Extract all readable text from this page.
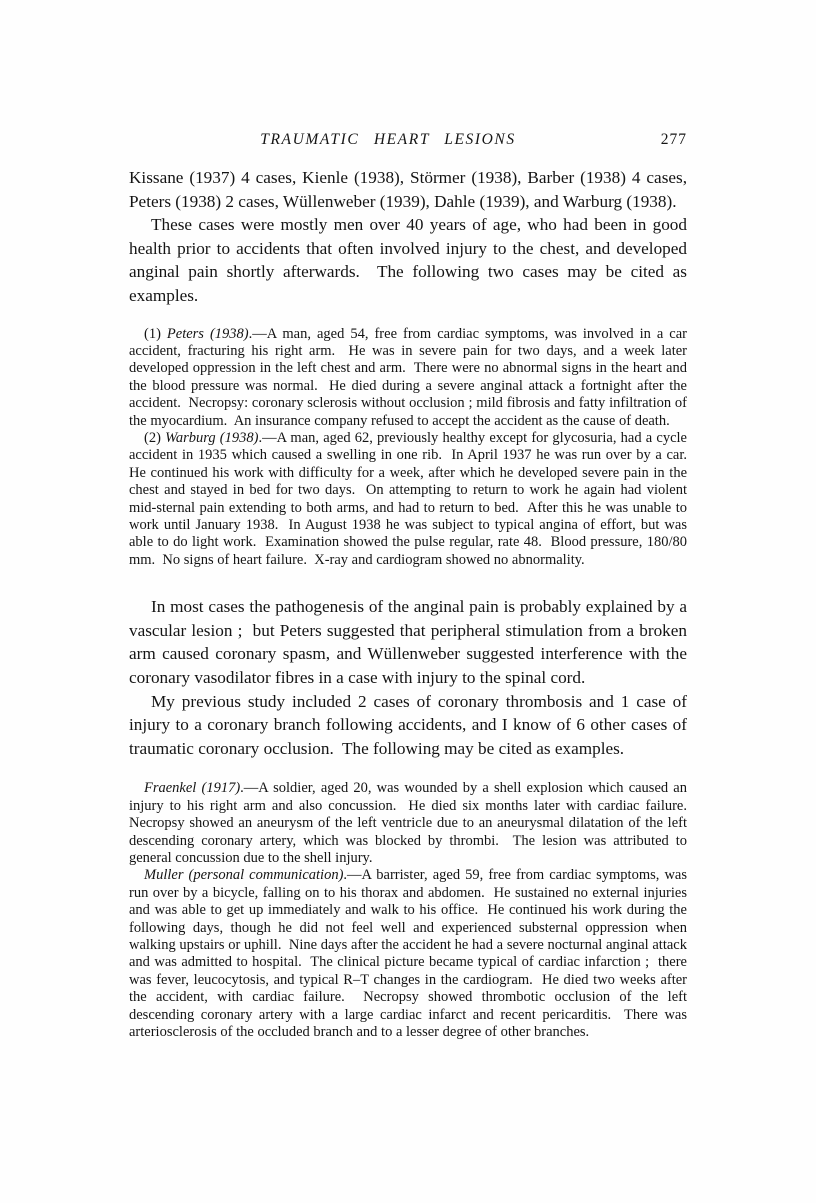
TRAUMATIC HEART LESIONS	277

Kissane (1937) 4 cases, Kienle (1938), Störmer (1938), Barber (1938) 4 cases, Peters (1938) 2 cases, Wüllenweber (1939), Dahle (1939), and Warburg (1938).

These cases were mostly men over 40 years of age, who had been in good health prior to accidents that often involved injury to the chest, and developed anginal pain shortly afterwards.  The following two cases may be cited as examples.

(1) Peters (1938).—A man, aged 54, free from cardiac symptoms, was involved in a car accident, fracturing his right arm.  He was in severe pain for two days, and a week later developed oppression in the left chest and arm.  There were no abnormal signs in the heart and the blood pressure was normal.  He died during a severe anginal attack a fortnight after the accident.  Necropsy: coronary sclerosis without occlusion ; mild fibrosis and fatty infiltration of the myocardium.  An insurance company refused to accept the accident as the cause of death.

(2) Warburg (1938).—A man, aged 62, previously healthy except for glycosuria, had a cycle accident in 1935 which caused a swelling in one rib.  In April 1937 he was run over by a car.  He continued his work with difficulty for a week, after which he developed severe pain in the chest and stayed in bed for two days.  On attempting to return to work he again had violent mid-sternal pain extending to both arms, and had to return to bed.  After this he was unable to work until January 1938.  In August 1938 he was subject to typical angina of effort, but was able to do light work.  Examination showed the pulse regular, rate 48.  Blood pressure, 180/80 mm.  No signs of heart failure.  X-ray and cardiogram showed no abnormality.

In most cases the pathogenesis of the anginal pain is probably explained by a vascular lesion ;  but Peters suggested that peripheral stimulation from a broken arm caused coronary spasm, and Wüllenweber suggested interference with the coronary vasodilator fibres in a case with injury to the spinal cord.

My previous study included 2 cases of coronary thrombosis and 1 case of injury to a coronary branch following accidents, and I know of 6 other cases of traumatic coronary occlusion.  The following may be cited as examples.

Fraenkel (1917).—A soldier, aged 20, was wounded by a shell explosion which caused an injury to his right arm and also concussion.  He died six months later with cardiac failure.  Necropsy showed an aneurysm of the left ventricle due to an aneurysmal dilatation of the left descending coronary artery, which was blocked by thrombi.  The lesion was attributed to general concussion due to the shell injury.

Muller (personal communication).—A barrister, aged 59, free from cardiac symptoms, was run over by a bicycle, falling on to his thorax and abdomen.  He sustained no external injuries and was able to get up immediately and walk to his office.  He continued his work during the following days, though he did not feel well and experienced substernal oppression when walking upstairs or uphill.  Nine days after the accident he had a severe nocturnal anginal attack and was admitted to hospital.  The clinical picture became typical of cardiac infarction ;  there was fever, leucocytosis, and typical R–T changes in the cardiogram.  He died two weeks after the accident, with cardiac failure.  Necropsy showed thrombotic occlusion of the left descending coronary artery with a large cardiac infarct and recent pericarditis.  There was arteriosclerosis of the occluded branch and to a lesser degree of other branches.
